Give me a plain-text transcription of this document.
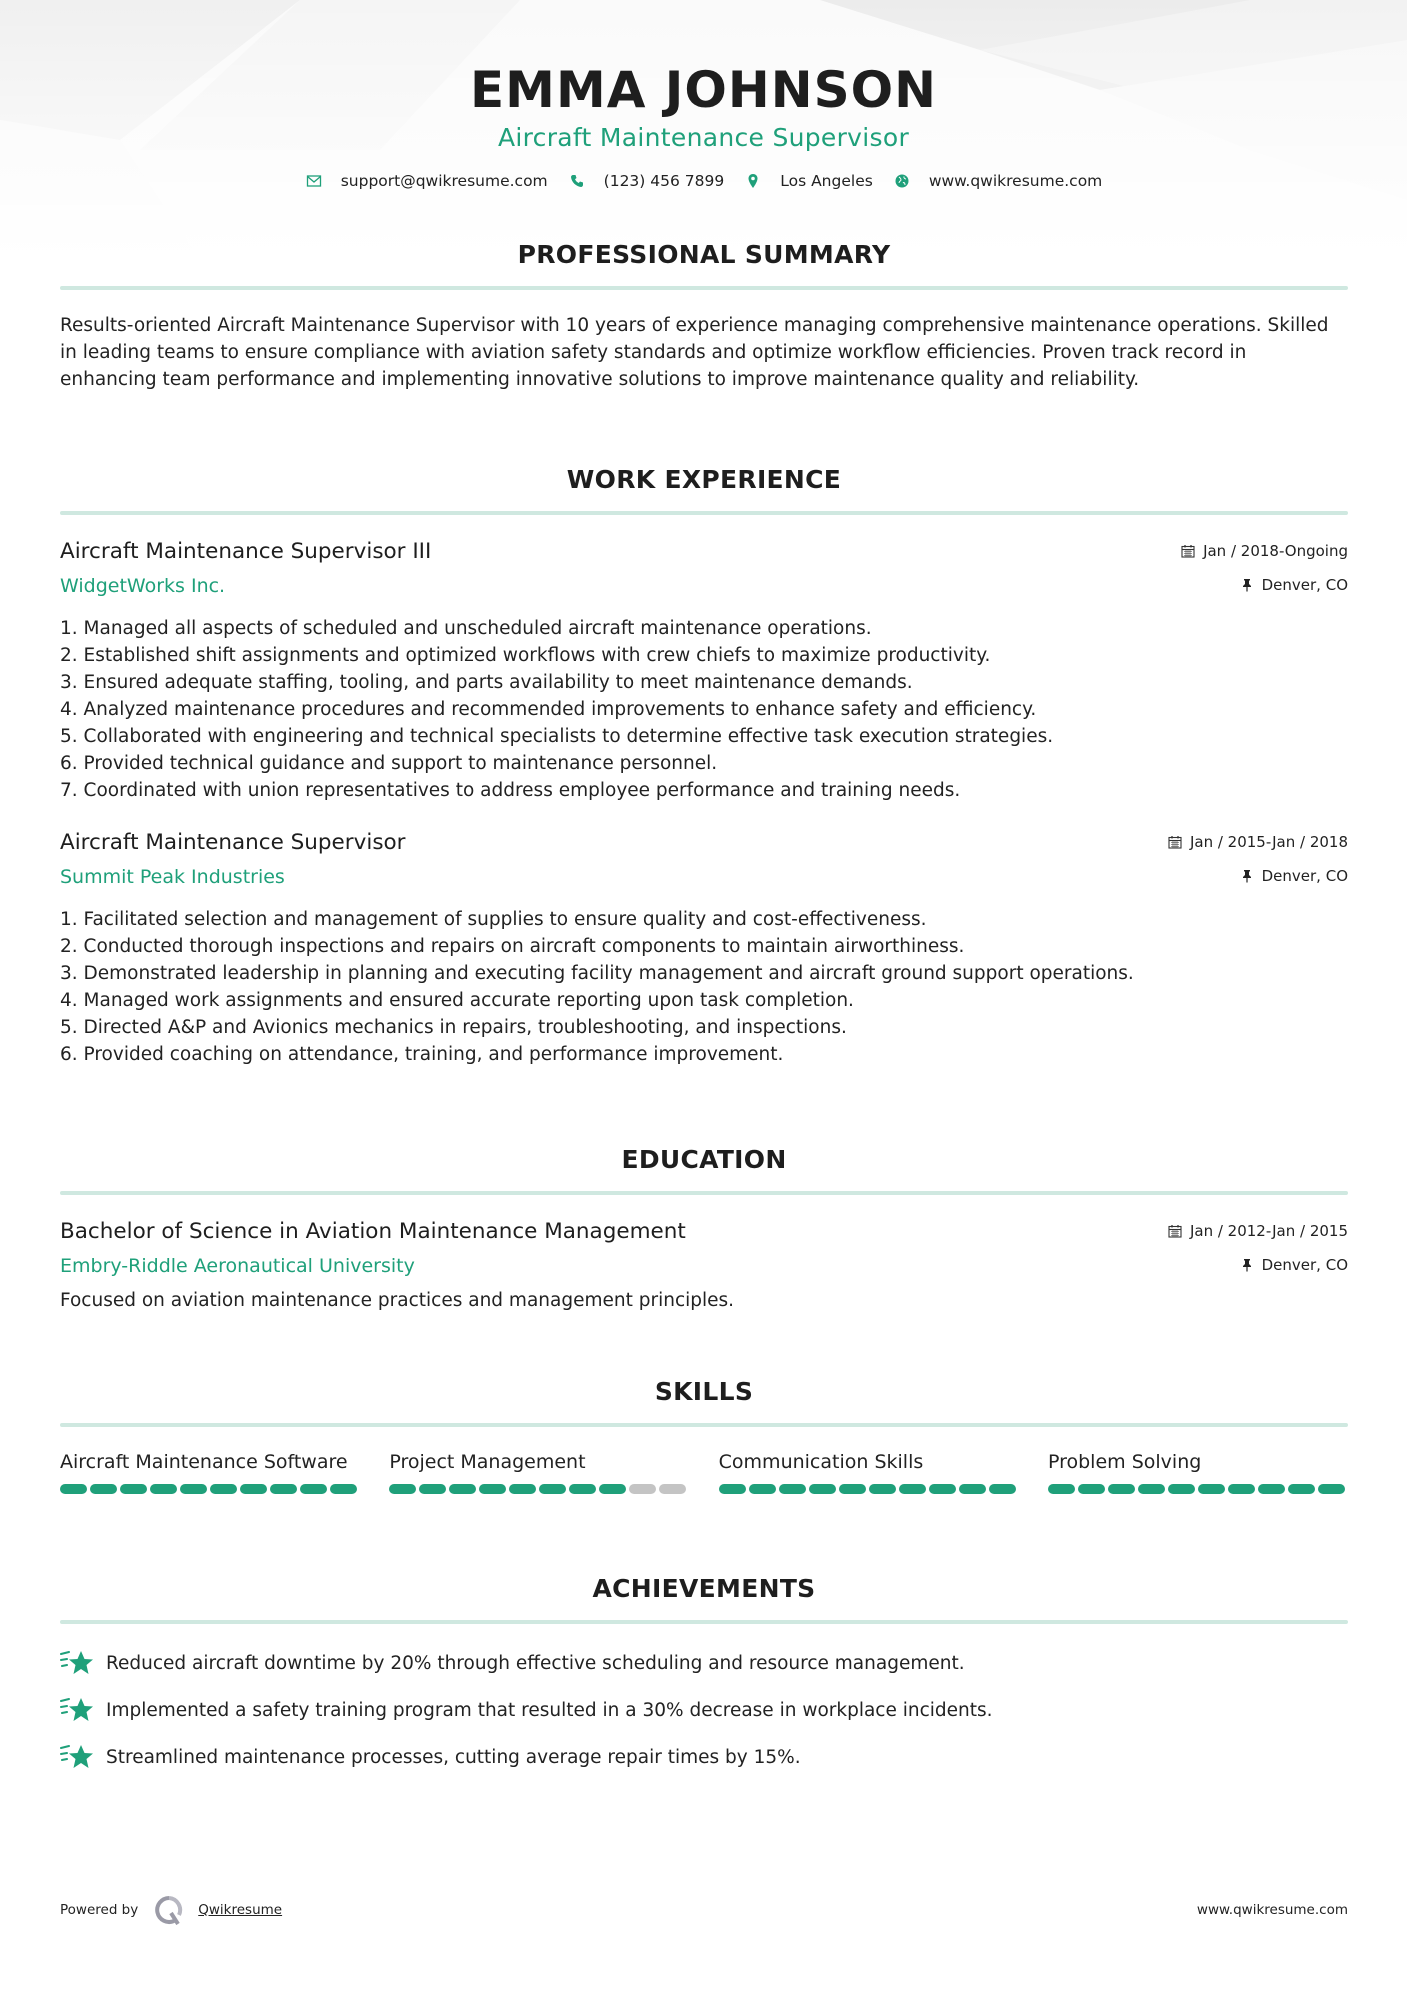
EMMA JOHNSON
Aircraft Maintenance Supervisor
support@qwikresume.com	(123) 456 7899	Los Angeles	www.qwikresume.com
PROFESSIONAL SUMMARY
Results-oriented Aircraft Maintenance Supervisor with 10 years of experience managing comprehensive maintenance operations. Skilled in leading teams to ensure compliance with aviation safety standards and optimize workflow efficiencies. Proven track record in enhancing team performance and implementing innovative solutions to improve maintenance quality and reliability.
WORK EXPERIENCE
Aircraft Maintenance Supervisor III	Jan / 2018-Ongoing
WidgetWorks Inc.	Denver, CO
1. Managed all aspects of scheduled and unscheduled aircraft maintenance operations.
2. Established shift assignments and optimized workflows with crew chiefs to maximize productivity.
3. Ensured adequate staffing, tooling, and parts availability to meet maintenance demands.
4. Analyzed maintenance procedures and recommended improvements to enhance safety and efficiency.
5. Collaborated with engineering and technical specialists to determine effective task execution strategies.
6. Provided technical guidance and support to maintenance personnel.
7. Coordinated with union representatives to address employee performance and training needs.
Aircraft Maintenance Supervisor	Jan / 2015-Jan / 2018
Summit Peak Industries	Denver, CO
1. Facilitated selection and management of supplies to ensure quality and cost-effectiveness.
2. Conducted thorough inspections and repairs on aircraft components to maintain airworthiness.
3. Demonstrated leadership in planning and executing facility management and aircraft ground support operations.
4. Managed work assignments and ensured accurate reporting upon task completion.
5. Directed A&P and Avionics mechanics in repairs, troubleshooting, and inspections.
6. Provided coaching on attendance, training, and performance improvement.
EDUCATION
Bachelor of Science in Aviation Maintenance Management	Jan / 2012-Jan / 2015
Embry-Riddle Aeronautical University	Denver, CO
Focused on aviation maintenance practices and management principles.
SKILLS
Aircraft Maintenance Software	Project Management	Communication Skills	Problem Solving
ACHIEVEMENTS
Reduced aircraft downtime by 20% through effective scheduling and resource management.
Implemented a safety training program that resulted in a 30% decrease in workplace incidents.
Streamlined maintenance processes, cutting average repair times by 15%.
Powered by	Qwikresume	www.qwikresume.com
